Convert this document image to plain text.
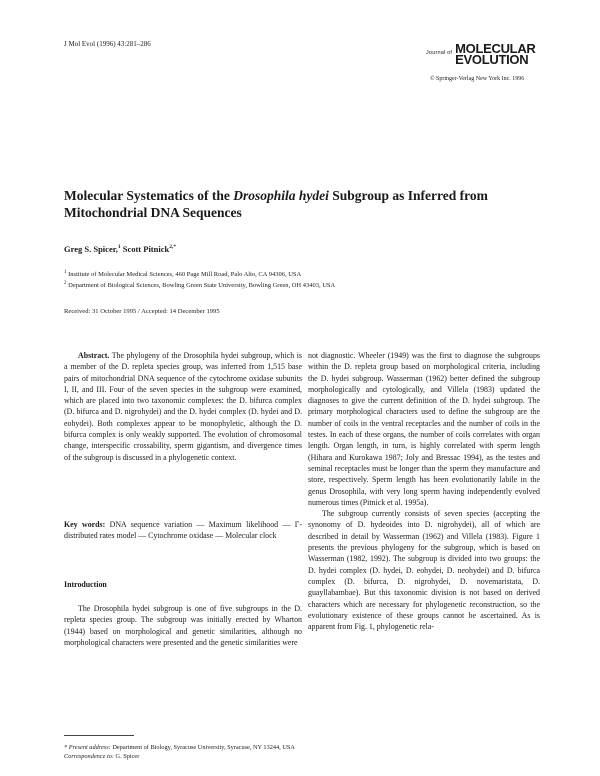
J Mol Evol (1996) 43:281–286
Journal of MOLECULAR
EVOLUTION
© Springer-Verlag New York Inc. 1996
Molecular Systematics of the Drosophila hydei Subgroup as Inferred from Mitochondrial DNA Sequences
Greg S. Spicer,$^1$ Scott Pitnick$^{2,*}$
$^1$ Institute of Molecular Medical Sciences, 460 Page Mill Road, Palo Alto, CA 94306, USA
$^2$ Department of Biological Sciences, Bowling Green State University, Bowling Green, OH 43403, USA
Received: 31 October 1995 / Accepted: 14 December 1995

Abstract. The phylogeny of the Drosophila hydei subgroup, which is a member of the D. repleta species group, was inferred from 1,515 base pairs of mitochondrial DNA sequence of the cytochrome oxidase subunits I, II, and III. Four of the seven species in the subgroup were examined, which are placed into two taxonomic complexes: the D. bifurca complex (D. bifurca and D. nigrohydei) and the D. hydei complex (D. hydei and D. eohydei). Both complexes appear to be monophyletic, although the D. bifurca complex is only weakly supported. The evolution of chromosomal change, interspecific crossability, sperm gigantism, and divergence times of the subgroup is discussed in a phylogenetic context.

Key words: DNA sequence variation — Maximum likelihood — Γ-distributed rates model — Cytochrome oxidase — Molecular clock

Introduction

The Drosophila hydei subgroup is one of five subgroups in the D. repleta species group. The subgroup was initially erected by Wharton (1944) based on morphological and genetic similarities, although no morphological characters were presented and the genetic similarities were

* Present address: Department of Biology, Syracuse University, Syracuse, NY 13244, USA
Correspondence to: G. Spicer

not diagnostic. Wheeler (1949) was the first to diagnose the subgroups within the D. repleta group based on morphological criteria, including the D. hydei subgroup. Wasserman (1962) better defined the subgroup morphologically and cytologically, and Villela (1983) updated the diagnoses to give the current definition of the D. hydei subgroup. The primary morphological characters used to define the subgroup are the number of coils in the ventral receptacles and the number of coils in the testes. In each of these organs, the number of coils correlates with organ length. Organ length, in turn, is highly correlated with sperm length (Hihara and Kurokawa 1987; Joly and Bressac 1994), as the testes and seminal receptacles must be longer than the sperm they manufacture and store, respectively. Sperm length has been evolutionarily labile in the genus Drosophila, with very long sperm having independently evolved numerous times (Pitnick et al. 1995a).

The subgroup currently consists of seven species (accepting the synonomy of D. hydeoides into D. nigrohydei), all of which are described in detail by Wasserman (1962) and Villela (1983). Figure 1 presents the previous phylogeny for the subgroup, which is based on Wasserman (1982, 1992). The subgroup is divided into two groups: the D. hydei complex (D. hydei, D. eohydei, D. neohydei) and D. bifurca complex (D. bifurca, D. nigrohydei, D. novemaristata, D. guayllabambae). But this taxonomic division is not based on derived characters which are necessary for phylogenetic reconstruction, so the evolutionary existence of these groups cannot be ascertained. As is apparent from Fig. 1, phylogenetic rela-
